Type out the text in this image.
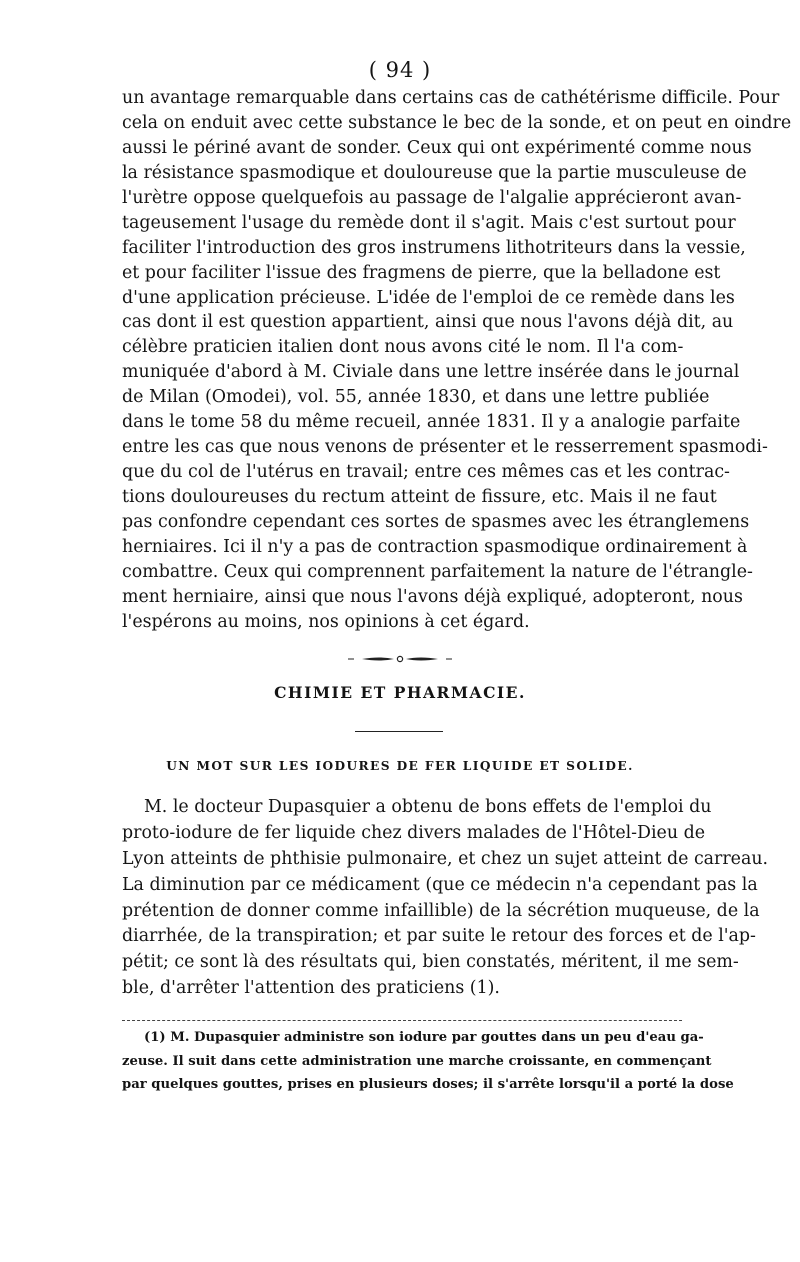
( 94 )
un avantage remarquable dans certains cas de cathétérisme difficile. Pour
cela on enduit avec cette substance le bec de la sonde, et on peut en oindre
aussi le périné avant de sonder. Ceux qui ont expérimenté comme nous
la résistance spasmodique et douloureuse que la partie musculeuse de
l'urètre oppose quelquefois au passage de l'algalie apprécieront avan-
tageusement l'usage du remède dont il s'agit. Mais c'est surtout pour
faciliter l'introduction des gros instrumens lithotriteurs dans la vessie,
et pour faciliter l'issue des fragmens de pierre, que la belladone est
d'une application précieuse. L'idée de l'emploi de ce remède dans les
cas dont il est question appartient, ainsi que nous l'avons déjà dit, au
célèbre praticien italien dont nous avons cité le nom. Il l'a com-
muniquée d'abord à M. Civiale dans une lettre insérée dans le journal
de Milan (Omodei), vol. 55, année 1830, et dans une lettre publiée
dans le tome 58 du même recueil, année 1831. Il y a analogie parfaite
entre les cas que nous venons de présenter et le resserrement spasmodi-
que du col de l'utérus en travail; entre ces mêmes cas et les contrac-
tions douloureuses du rectum atteint de fissure, etc. Mais il ne faut
pas confondre cependant ces sortes de spasmes avec les étranglemens
herniaires. Ici il n'y a pas de contraction spasmodique ordinairement à
combattre. Ceux qui comprennent parfaitement la nature de l'étrangle-
ment herniaire, ainsi que nous l'avons déjà expliqué, adopteront, nous
l'espérons au moins, nos opinions à cet égard.
CHIMIE ET PHARMACIE.
UN MOT SUR LES IODURES DE FER LIQUIDE ET SOLIDE.
M. le docteur Dupasquier a obtenu de bons effets de l'emploi du
proto-iodure de fer liquide chez divers malades de l'Hôtel-Dieu de
Lyon atteints de phthisie pulmonaire, et chez un sujet atteint de carreau.
La diminution par ce médicament (que ce médecin n'a cependant pas la
prétention de donner comme infaillible) de la sécrétion muqueuse, de la
diarrhée, de la transpiration; et par suite le retour des forces et de l'ap-
pétit; ce sont là des résultats qui, bien constatés, méritent, il me sem-
ble, d'arrêter l'attention des praticiens (1).
(1) M. Dupasquier administre son iodure par gouttes dans un peu d'eau ga-
zeuse. Il suit dans cette administration une marche croissante, en commençant
par quelques gouttes, prises en plusieurs doses; il s'arrête lorsqu'il a porté la dose
